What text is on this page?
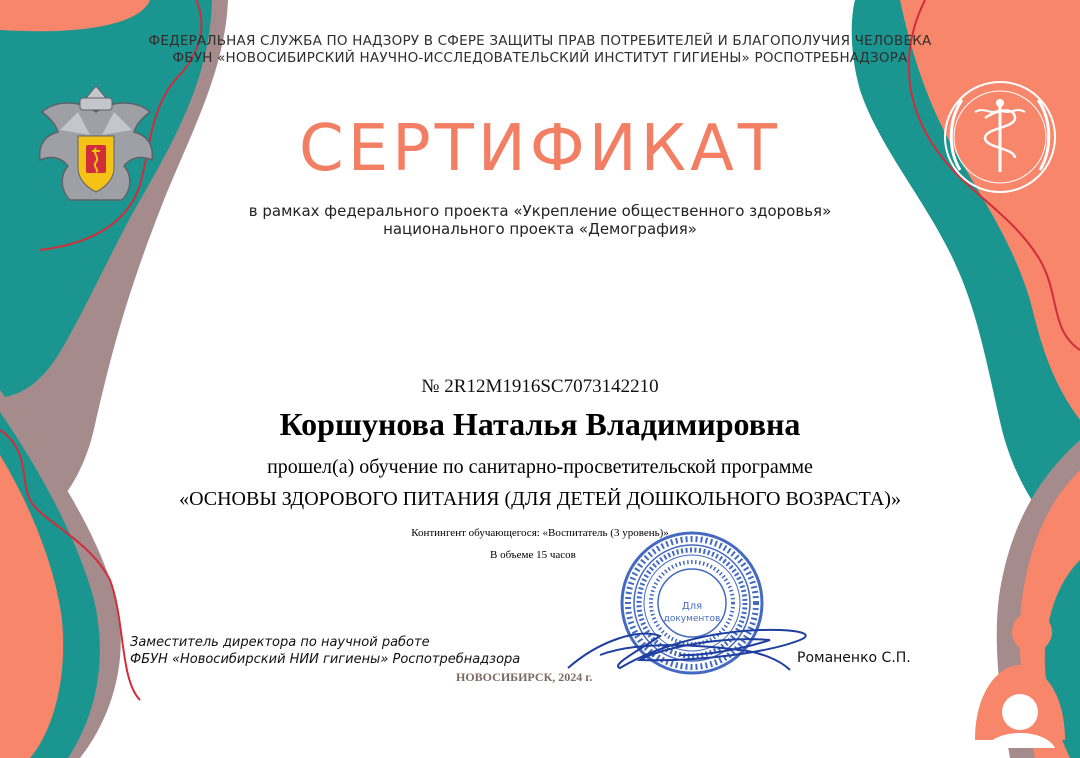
Для
документов
ФЕДЕРАЛЬНАЯ СЛУЖБА ПО НАДЗОРУ В СФЕРЕ ЗАЩИТЫ ПРАВ ПОТРЕБИТЕЛЕЙ И БЛАГОПОЛУЧИЯ ЧЕЛОВЕКА
ФБУН «НОВОСИБИРСКИЙ НАУЧНО-ИССЛЕДОВАТЕЛЬСКИЙ ИНСТИТУТ ГИГИЕНЫ» РОСПОТРЕБНАДЗОРА
СЕРТИФИКАТ
в рамках федерального проекта «Укрепление общественного здоровья»
национального проекта «Демография»
№ 2R12M1916SC7073142210
Коршунова Наталья Владимировна
прошел(а) обучение по санитарно-просветительской программе
«ОСНОВЫ ЗДОРОВОГО ПИТАНИЯ (ДЛЯ ДЕТЕЙ ДОШКОЛЬНОГО ВОЗРАСТА)»
Контингент обучающегося: «Воспитатель (3 уровень)»
В объеме 15 часов
Заместитель директора по научной работе
ФБУН «Новосибирский НИИ гигиены» Роспотребнадзора	Романенко С.П.
НОВОСИБИРСК, 2024 г.
